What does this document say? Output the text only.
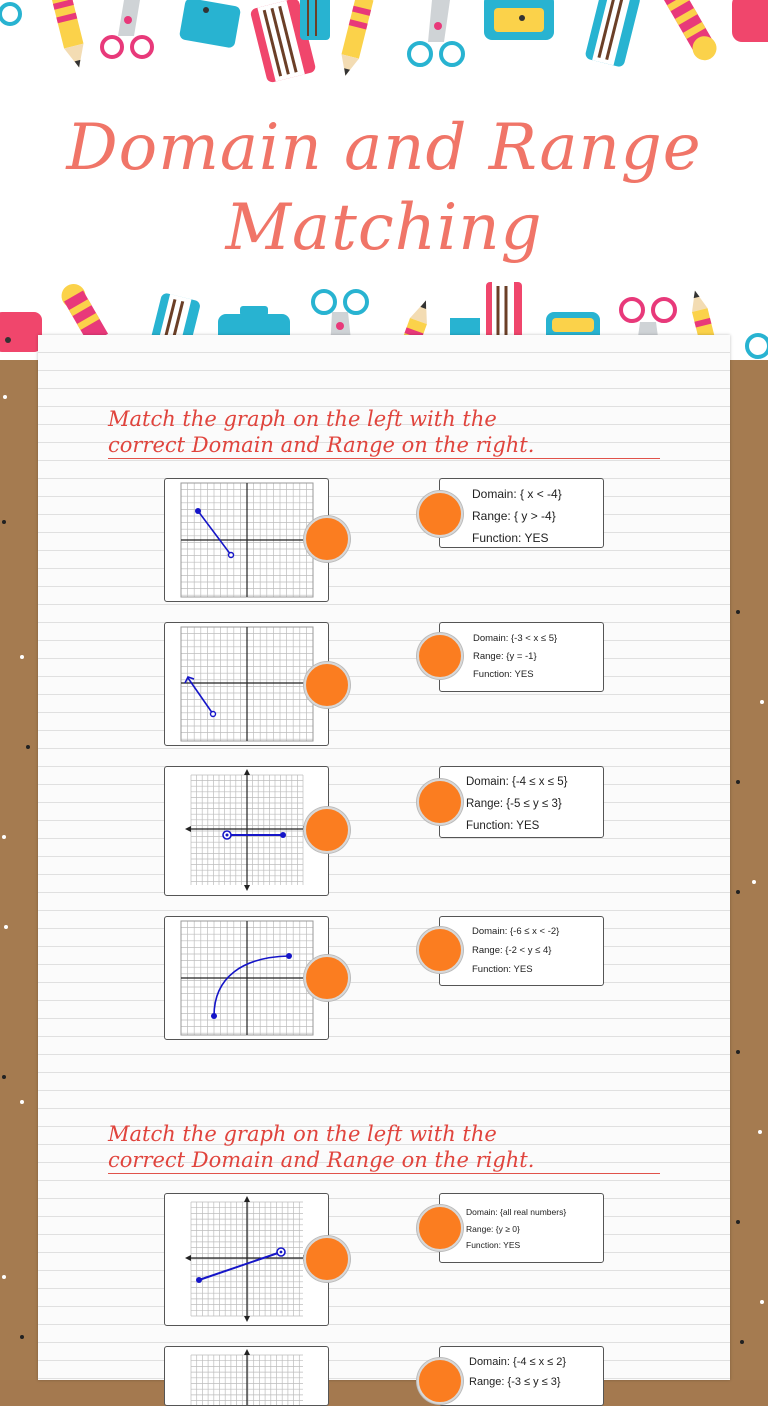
Domain and Range
Matching
Match the graph on the left with the
correct Domain and Range on the right.
Domain: { x < -4}
Range: { y > -4}
Function: YES
Domain: {-3 < x ≤ 5}
Range: {y = -1}
Function: YES
Domain: {-4 ≤ x ≤ 5}
Range: {-5 ≤ y ≤ 3}
Function: YES
Domain: {-6 ≤ x < -2}
Range: {-2 < y ≤ 4}
Function: YES
Match the graph on the left with the
correct Domain and Range on the right.
Domain: {all real numbers}
Range: {y ≥ 0}
Function: YES
Domain: {-4 ≤ x ≤ 2}
Range: {-3 ≤ y ≤ 3}
